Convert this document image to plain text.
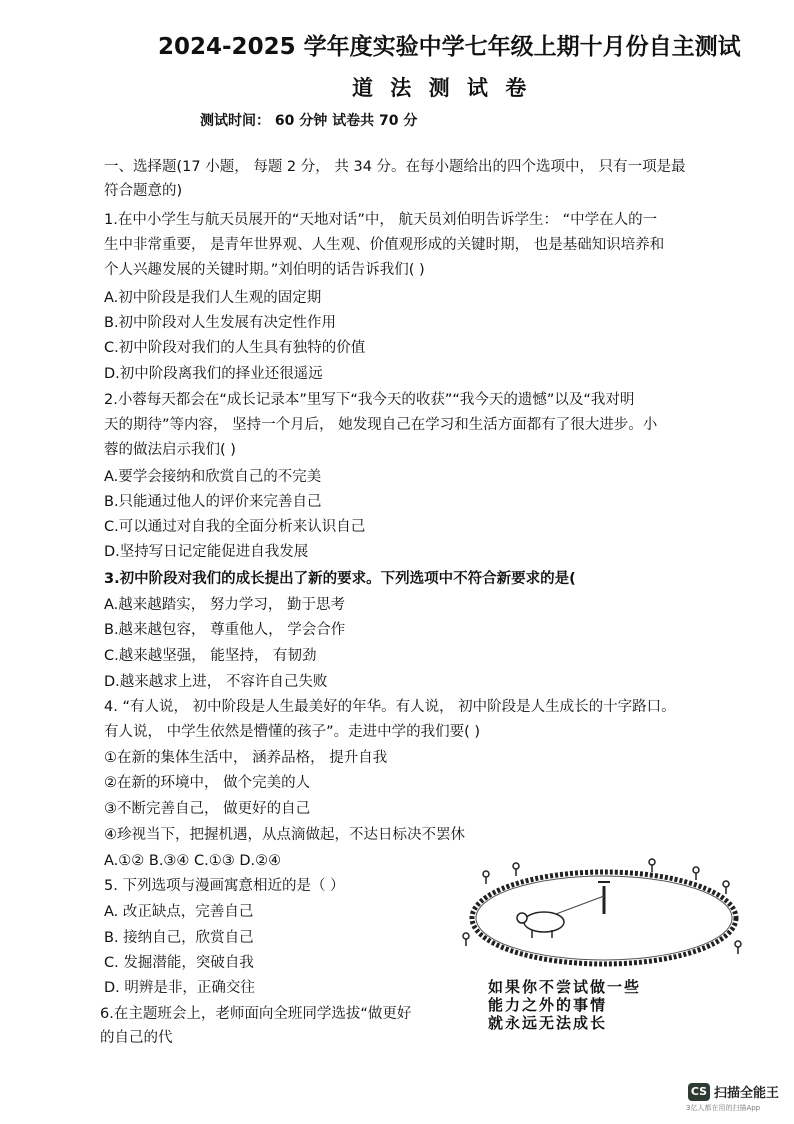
2024-2025 学年度实验中学七年级上期十月份自主测试
道 法 测 试 卷
测试时间： 60 分钟 试卷共 70 分
一、选择题(17 小题， 每题 2 分， 共 34 分。在每小题给出的四个选项中， 只有一项是最
符合题意的)
1.在中小学生与航天员展开的“天地对话”中， 航天员刘伯明告诉学生： “中学在人的一
生中非常重要， 是青年世界观、人生观、价值观形成的关键时期， 也是基础知识培养和
个人兴趣发展的关键时期。”刘伯明的话告诉我们( )
A.初中阶段是我们人生观的固定期
B.初中阶段对人生发展有决定性作用
C.初中阶段对我们的人生具有独特的价值
D.初中阶段离我们的择业还很遥远
2.小蓉每天都会在“成长记录本”里写下“我今天的收获”“我今天的遗憾”以及“我对明
天的期待”等内容， 坚持一个月后， 她发现自己在学习和生活方面都有了很大进步。小
蓉的做法启示我们( )
A.要学会接纳和欣赏自己的不完美
B.只能通过他人的评价来完善自己
C.可以通过对自我的全面分析来认识自己
D.坚持写日记定能促进自我发展
3.初中阶段对我们的成长提出了新的要求。下列选项中不符合新要求的是(
A.越来越踏实， 努力学习， 勤于思考
B.越来越包容， 尊重他人， 学会合作
C.越来越坚强， 能坚持， 有韧劲
D.越来越求上进， 不容许自己失败
4. “有人说， 初中阶段是人生最美好的年华。有人说， 初中阶段是人生成长的十字路口。
有人说， 中学生依然是懵懂的孩子”。走进中学的我们要( )
①在新的集体生活中， 涵养品格， 提升自我
②在新的环境中， 做个完美的人
③不断完善自己， 做更好的自己
④珍视当下，把握机遇，从点滴做起，不达日标决不罢休
A.①② B.③④ C.①③ D.②④
5. 下列选项与漫画寓意相近的是（ ）
A. 改正缺点，完善自己
B. 接纳自己，欣赏自己
C. 发掘潜能，突破自我
D. 明辨是非，正确交往
6.在主题班会上，老师面向全班同学选拔“做更好
的自己的代
如果你不尝试做一些
能力之外的事情
就永远无法成长
CS 扫描全能王
3亿人都在用的扫描App
